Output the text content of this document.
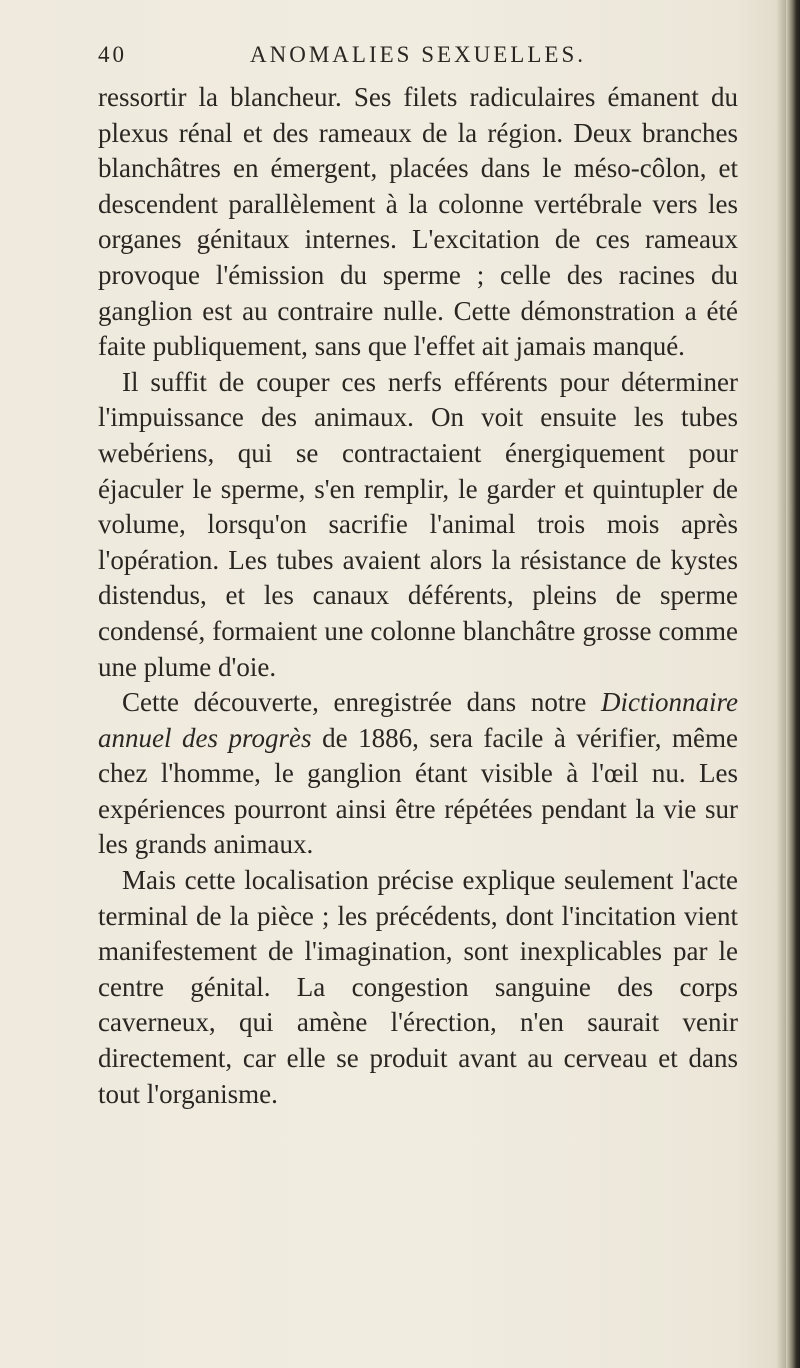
40	ANOMALIES SEXUELLES.

ressortir la blancheur. Ses filets radiculaires émanent du plexus rénal et des rameaux de la région. Deux branches blanchâtres en émergent, placées dans le méso-côlon, et descendent parallèlement à la colonne vertébrale vers les organes génitaux internes. L'excitation de ces rameaux provoque l'émission du sperme ; celle des racines du ganglion est au contraire nulle. Cette démonstration a été faite publiquement, sans que l'effet ait jamais manqué.

Il suffit de couper ces nerfs efférents pour déterminer l'impuissance des animaux. On voit ensuite les tubes webériens, qui se contractaient énergiquement pour éjaculer le sperme, s'en remplir, le garder et quintupler de volume, lorsqu'on sacrifie l'animal trois mois après l'opération. Les tubes avaient alors la résistance de kystes distendus, et les canaux déférents, pleins de sperme condensé, formaient une colonne blanchâtre grosse comme une plume d'oie.

Cette découverte, enregistrée dans notre Dictionnaire annuel des progrès de 1886, sera facile à vérifier, même chez l'homme, le ganglion étant visible à l'œil nu. Les expériences pourront ainsi être répétées pendant la vie sur les grands animaux.

Mais cette localisation précise explique seulement l'acte terminal de la pièce ; les précédents, dont l'incitation vient manifestement de l'imagination, sont inexplicables par le centre génital. La congestion sanguine des corps caverneux, qui amène l'érection, n'en saurait venir directement, car elle se produit avant au cerveau et dans tout l'organisme.
